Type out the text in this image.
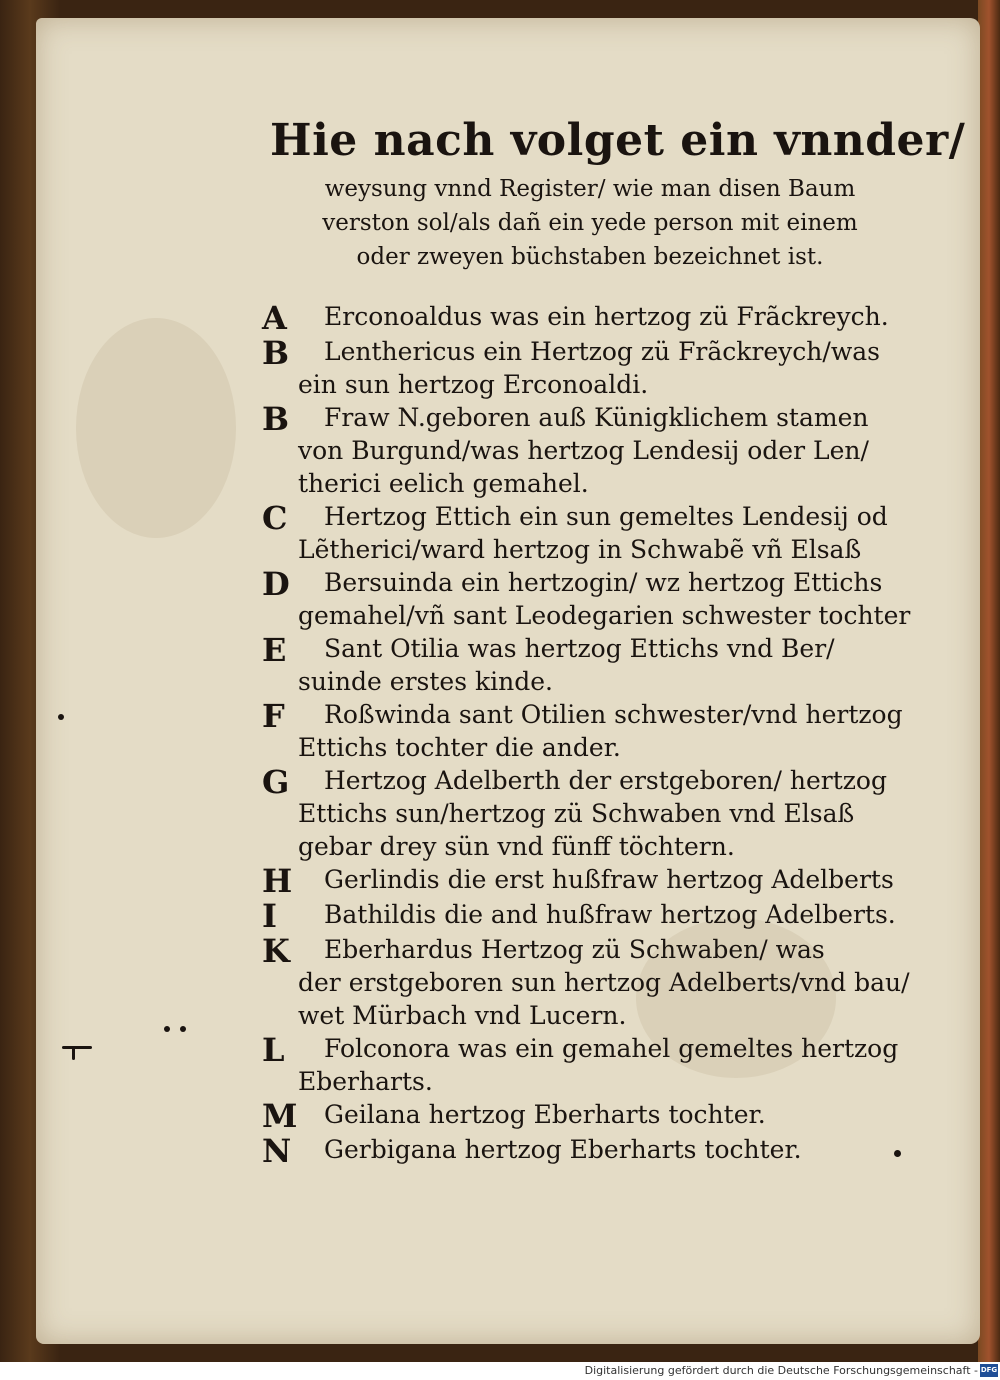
Hie nach volget ein vnnder/
weysung vnnd Register/ wie man disen Baum
verston sol/als dañ ein yede person mit einem
oder zweyen büchstaben bezeichnet ist.
A	Erconoaldus was ein hertzog zü Frãckreych.
B	Lenthericus ein Hertzog zü Frãckreych/was
ein sun hertzog Erconoaldi.
B	Fraw N.geboren auß Künigklichem stamen
von Burgund/was hertzog Lendesij oder Len/
therici eelich gemahel.
C	Hertzog Ettich ein sun gemeltes Lendesij od
Lẽtherici/ward hertzog in Schwabẽ vñ Elsaß
D	Bersuinda ein hertzogin/ wz hertzog Ettichs
gemahel/vñ sant Leodegarien schwester tochter
E	Sant Otilia was hertzog Ettichs vnd Ber/
suinde erstes kinde.
F	Roßwinda sant Otilien schwester/vnd hertzog
Ettichs tochter die ander.
G	Hertzog Adelberth der erstgeboren/ hertzog
Ettichs sun/hertzog zü Schwaben vnd Elsaß
gebar drey sün vnd fünff töchtern.
H	Gerlindis die erst hußfraw hertzog Adelberts
I	Bathildis die and hußfraw hertzog Adelberts.
K	Eberhardus Hertzog zü Schwaben/ was
der erstgeboren sun hertzog Adelberts/vnd bau/
wet Mürbach vnd Lucern.
L	Folconora was ein gemahel gemeltes hertzog
Eberharts.
M	Geilana hertzog Eberharts tochter.
N	Gerbigana hertzog Eberharts tochter.
Digitalisierung gefördert durch die Deutsche Forschungsgemeinschaft - DFG
